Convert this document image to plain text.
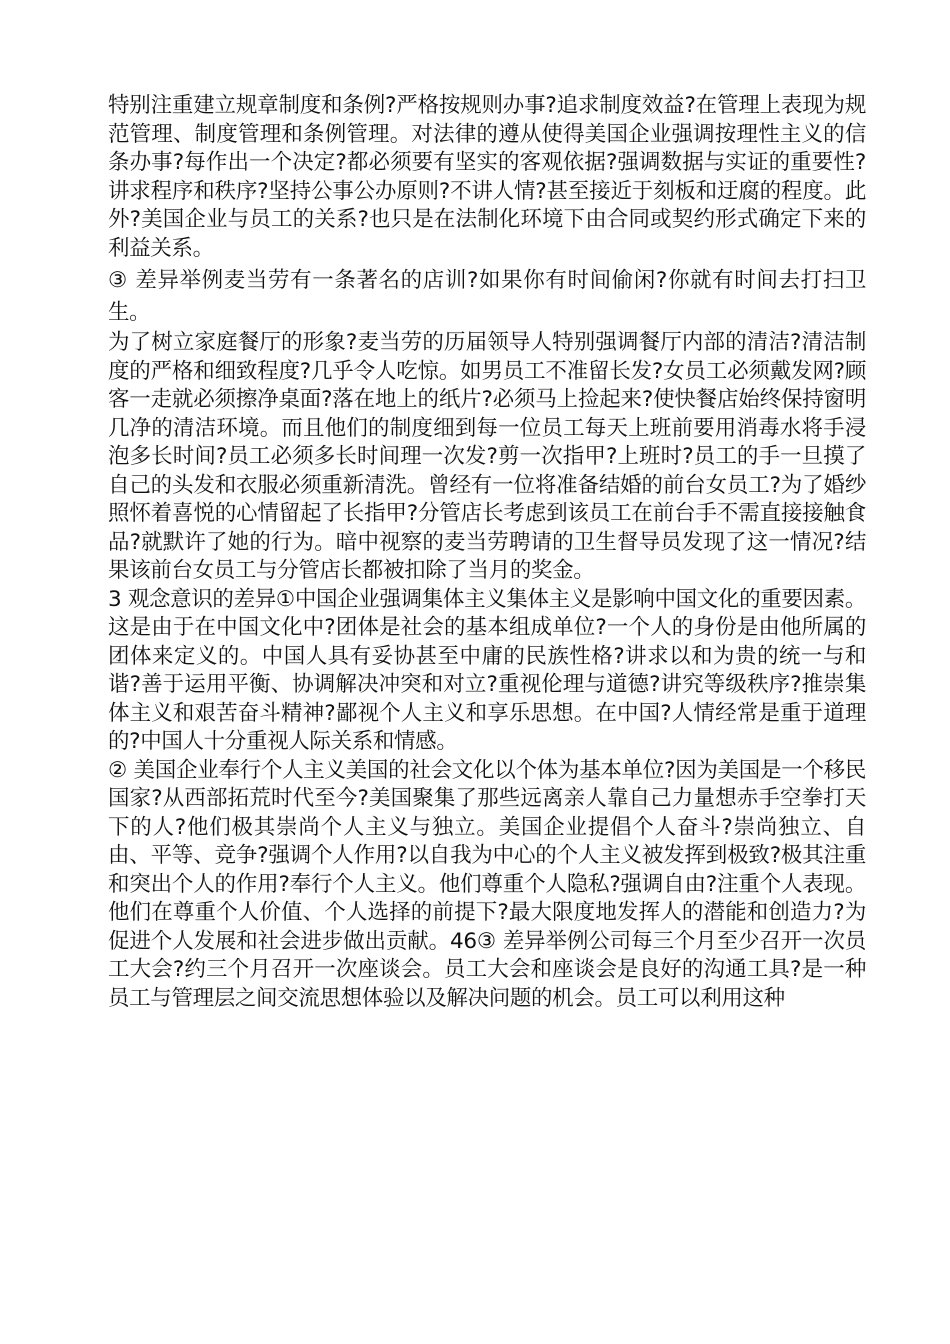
特别注重建立规章制度和条例?严格按规则办事?追求制度效益?在管理上表现为规范管理、制度管理和条例管理。对法律的遵从使得美国企业强调按理性主义的信条办事?每作出一个决定?都必须要有坚实的客观依据?强调数据与实证的重要性?讲求程序和秩序?坚持公事公办原则?不讲人情?甚至接近于刻板和迂腐的程度。此外?美国企业与员工的关系?也只是在法制化环境下由合同或契约形式确定下来的利益关系。

③ 差异举例麦当劳有一条著名的店训?如果你有时间偷闲?你就有时间去打扫卫生。

为了树立家庭餐厅的形象?麦当劳的历届领导人特别强调餐厅内部的清洁?清洁制度的严格和细致程度?几乎令人吃惊。如男员工不准留长发?女员工必须戴发网?顾客一走就必须擦净桌面?落在地上的纸片?必须马上捡起来?使快餐店始终保持窗明几净的清洁环境。而且他们的制度细到每一位员工每天上班前要用消毒水将手浸泡多长时间?员工必须多长时间理一次发?剪一次指甲?上班时?员工的手一旦摸了自己的头发和衣服必须重新清洗。曾经有一位将准备结婚的前台女员工?为了婚纱照怀着喜悦的心情留起了长指甲?分管店长考虑到该员工在前台手不需直接接触食品?就默许了她的行为。暗中视察的麦当劳聘请的卫生督导员发现了这一情况?结果该前台女员工与分管店长都被扣除了当月的奖金。

3 观念意识的差异①中国企业强调集体主义集体主义是影响中国文化的重要因素。这是由于在中国文化中?团体是社会的基本组成单位?一个人的身份是由他所属的团体来定义的。中国人具有妥协甚至中庸的民族性格?讲求以和为贵的统一与和谐?善于运用平衡、协调解决冲突和对立?重视伦理与道德?讲究等级秩序?推崇集体主义和艰苦奋斗精神?鄙视个人主义和享乐思想。在中国?人情经常是重于道理的?中国人十分重视人际关系和情感。

② 美国企业奉行个人主义美国的社会文化以个体为基本单位?因为美国是一个移民国家?从西部拓荒时代至今?美国聚集了那些远离亲人靠自己力量想赤手空拳打天下的人?他们极其崇尚个人主义与独立。美国企业提倡个人奋斗?崇尚独立、自由、平等、竞争?强调个人作用?以自我为中心的个人主义被发挥到极致?极其注重和突出个人的作用?奉行个人主义。他们尊重个人隐私?强调自由?注重个人表现。他们在尊重个人价值、个人选择的前提下?最大限度地发挥人的潜能和创造力?为促进个人发展和社会进步做出贡献。46③ 差异举例公司每三个月至少召开一次员工大会?约三个月召开一次座谈会。员工大会和座谈会是良好的沟通工具?是一种员工与管理层之间交流思想体验以及解决问题的机会。员工可以利用这种
